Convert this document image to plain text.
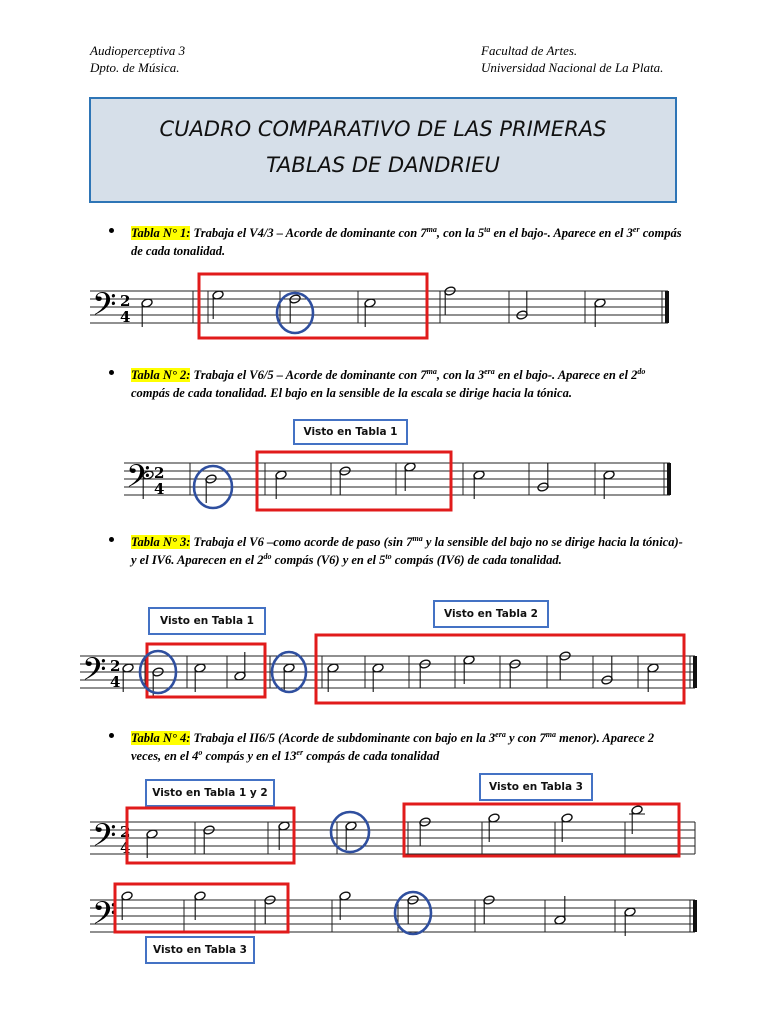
Audioperceptiva 3
Dpto. de Música.
Facultad de Artes.
Universidad Nacional de La Plata.
CUADRO COMPARATIVO DE LAS PRIMERAS
TABLAS DE DANDRIEU
Tabla N° 1: Trabaja el V4/3 – Acorde de dominante con $7^{ma}$, con la $5^{ta}$ en el bajo-. Aparece en el 3er compás de cada tonalidad.
Tabla N° 2: Trabaja el V6/5 – Acorde de dominante con $7^{ma}$, con la $3^{era}$ en el bajo-. Aparece en el $2^{do}$ compás de cada tonalidad. El bajo en la sensible de la escala se dirige hacia la tónica.
Tabla N° 3: Trabaja el V6 –como acorde de paso (sin $7^{ma}$ y la sensible del bajo no se dirige hacia la tónica)- y el IV6. Aparecen en el $2^{do}$ compás (V6) y en el $5^{to}$ compás (IV6) de cada tonalidad.
Tabla N° 4: Trabaja el II6/5 (Acorde de subdominante con bajo en la $3^{era}$ y con $7^{ma}$ menor). Aparece 2 veces, en el 4$^o$ compás y en el 13er compás de cada tonalidad
Visto en Tabla 1
Visto en Tabla 1
Visto en Tabla 2
Visto en Tabla 1 y 2	Visto en Tabla 3
Visto en Tabla 3
𝄢 2
4
𝄢 2
4
𝄢 2
4
𝄢 2
4
𝄢
